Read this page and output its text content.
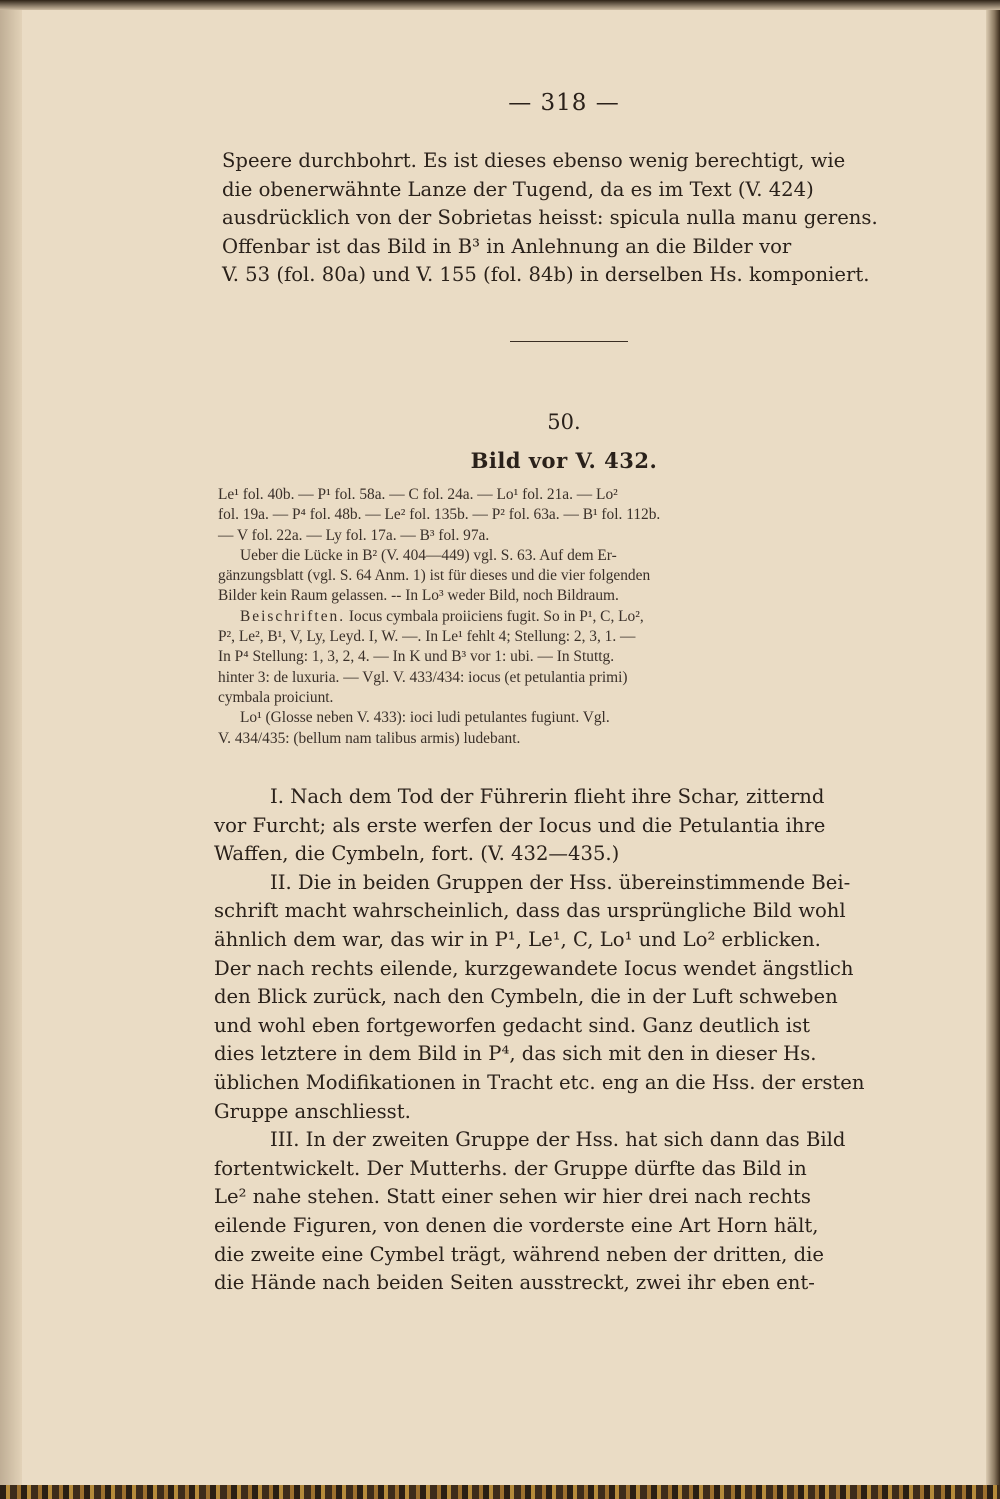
— 318 —

Speere durchbohrt. Es ist dieses ebenso wenig berechtigt, wie

die obenerwähnte Lanze der Tugend, da es im Text (V. 424)

ausdrücklich von der Sobrietas heisst: spicula nulla manu gerens.

Offenbar ist das Bild in B³ in Anlehnung an die Bilder vor

V. 53 (fol. 80a) und V. 155 (fol. 84b) in derselben Hs. komponiert.

50.
Bild vor V. 432.

Le¹ fol. 40b. — P¹ fol. 58a. — C fol. 24a. — Lo¹ fol. 21a. — Lo²

fol. 19a. — P⁴ fol. 48b. — Le² fol. 135b. — P² fol. 63a. — B¹ fol. 112b.

— V fol. 22a. — Ly fol. 17a. — B³ fol. 97a.

Ueber die Lücke in B² (V. 404—449) vgl. S. 63. Auf dem Er-

gänzungsblatt (vgl. S. 64 Anm. 1) ist für dieses und die vier folgenden

Bilder kein Raum gelassen. -- In Lo³ weder Bild, noch Bildraum.

Beischriften. Iocus cymbala proiiciens fugit. So in P¹, C, Lo²,

P², Le², B¹, V, Ly, Leyd. I, W. —. In Le¹ fehlt 4; Stellung: 2, 3, 1. —

In P⁴ Stellung: 1, 3, 2, 4. — In K und B³ vor 1: ubi. — In Stuttg.

hinter 3: de luxuria. — Vgl. V. 433/434: iocus (et petulantia primi)

cymbala proiciunt.

Lo¹ (Glosse neben V. 433): ioci ludi petulantes fugiunt. Vgl.

V. 434/435: (bellum nam talibus armis) ludebant.

I. Nach dem Tod der Führerin flieht ihre Schar, zitternd

vor Furcht; als erste werfen der Iocus und die Petulantia ihre

Waffen, die Cymbeln, fort. (V. 432—435.)

II. Die in beiden Gruppen der Hss. übereinstimmende Bei-

schrift macht wahrscheinlich, dass das ursprüngliche Bild wohl

ähnlich dem war, das wir in P¹, Le¹, C, Lo¹ und Lo² erblicken.

Der nach rechts eilende, kurzgewandete Iocus wendet ängstlich

den Blick zurück, nach den Cymbeln, die in der Luft schweben

und wohl eben fortgeworfen gedacht sind. Ganz deutlich ist

dies letztere in dem Bild in P⁴, das sich mit den in dieser Hs.

üblichen Modifikationen in Tracht etc. eng an die Hss. der ersten

Gruppe anschliesst.

III. In der zweiten Gruppe der Hss. hat sich dann das Bild

fortentwickelt. Der Mutterhs. der Gruppe dürfte das Bild in

Le² nahe stehen. Statt einer sehen wir hier drei nach rechts

eilende Figuren, von denen die vorderste eine Art Horn hält,

die zweite eine Cymbel trägt, während neben der dritten, die

die Hände nach beiden Seiten ausstreckt, zwei ihr eben ent-
